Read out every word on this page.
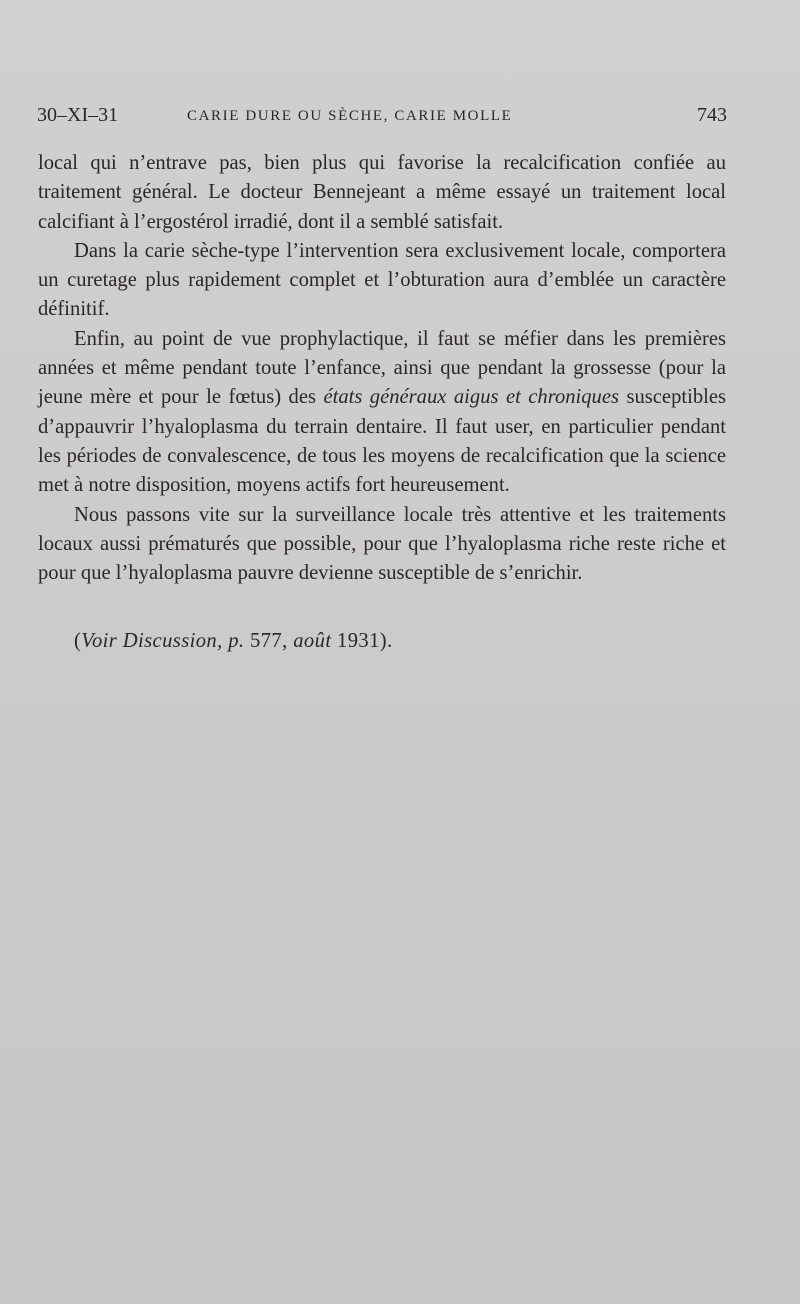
30–XI–31	CARIE DURE OU SÈCHE, CARIE MOLLE	743

local qui n’entrave pas, bien plus qui favorise la recalcification confiée au traitement général. Le docteur Bennejeant a même essayé un traitement local calcifiant à l’ergostérol irradié, dont il a semblé satisfait.

Dans la carie sèche-type l’intervention sera exclusivement locale, comportera un curetage plus rapidement complet et l’obturation aura d’emblée un caractère définitif.

Enfin, au point de vue prophylactique, il faut se méfier dans les premières années et même pendant toute l’enfance, ainsi que pendant la grossesse (pour la jeune mère et pour le fœtus) des états généraux aigus et chroniques susceptibles d’appauvrir l’hyaloplasma du terrain dentaire. Il faut user, en particulier pendant les périodes de convalescence, de tous les moyens de recalcification que la science met à notre disposition, moyens actifs fort heureusement.

Nous passons vite sur la surveillance locale très attentive et les traitements locaux aussi prématurés que possible, pour que l’hyaloplasma riche reste riche et pour que l’hyaloplasma pauvre devienne susceptible de s’enrichir.

(Voir Discussion, p. 577, août 1931).
